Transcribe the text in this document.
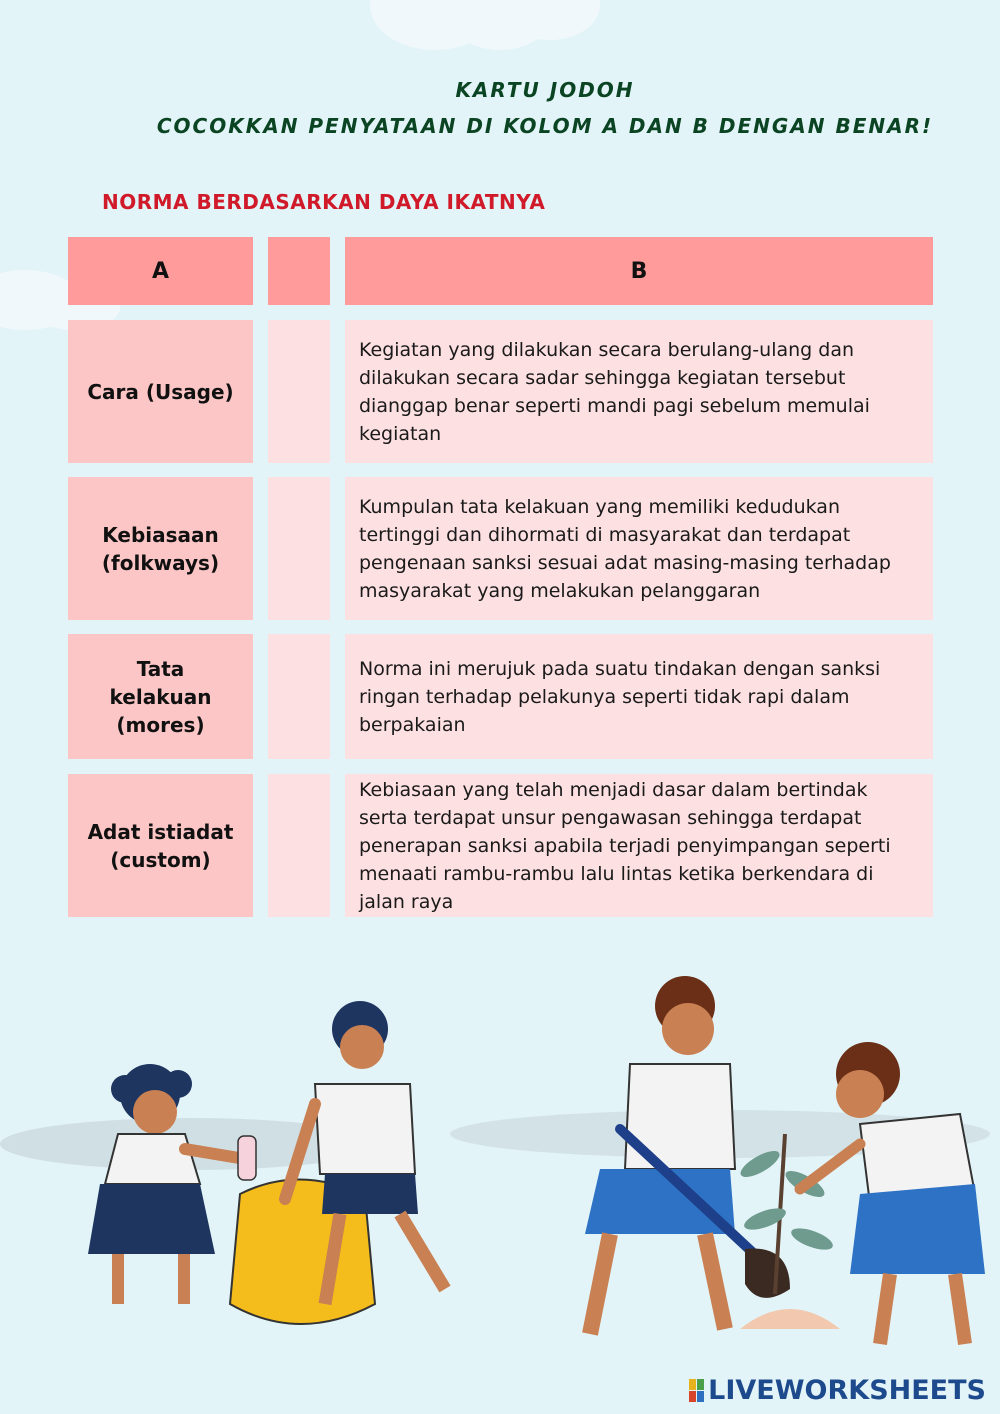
KARTU JODOH
COCOKKAN PENYATAAN DI KOLOM A DAN B DENGAN BENAR!
NORMA BERDASARKAN DAYA IKATNYA
A	B
Cara (Usage)
Kegiatan yang dilakukan secara berulang-ulang dan dilakukan secara sadar sehingga kegiatan tersebut dianggap benar seperti mandi pagi sebelum memulai kegiatan
Kebiasaan (folkways)
Kumpulan tata kelakuan yang memiliki kedudukan tertinggi dan dihormati di masyarakat dan terdapat pengenaan sanksi sesuai adat masing-masing terhadap masyarakat yang melakukan pelanggaran
Tata kelakuan (mores)
Norma ini merujuk pada suatu tindakan dengan sanksi ringan terhadap pelakunya seperti tidak rapi dalam berpakaian
Adat istiadat (custom)
Kebiasaan yang telah menjadi dasar dalam bertindak serta terdapat unsur pengawasan sehingga terdapat penerapan sanksi apabila terjadi penyimpangan seperti menaati rambu-rambu lalu lintas ketika berkendara di jalan raya
LIVEWORKSHEETS
